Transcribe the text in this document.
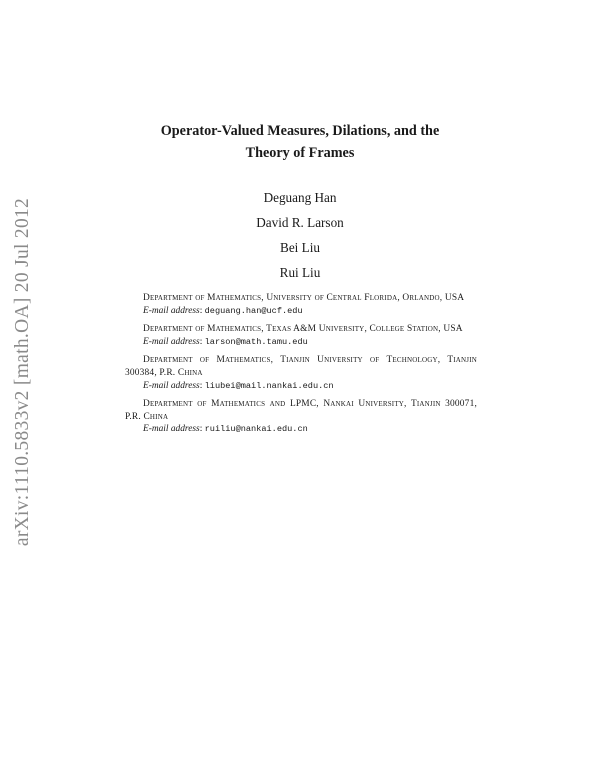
arXiv:1110.5833v2 [math.OA] 20 Jul 2012
Operator-Valued Measures, Dilations, and the
Theory of Frames
Deguang Han
David R. Larson
Bei Liu
Rui Liu
Department of Mathematics, University of Central Florida, Orlando, USA
E-mail address: deguang.han@ucf.edu
Department of Mathematics, Texas A&M University, College Station, USA
E-mail address: larson@math.tamu.edu
Department of Mathematics, Tianjin University of Technology, Tianjin 300384, P.R. China
E-mail address: liubei@mail.nankai.edu.cn
Department of Mathematics and LPMC, Nankai University, Tianjin 300071, P.R. China
E-mail address: ruiliu@nankai.edu.cn
